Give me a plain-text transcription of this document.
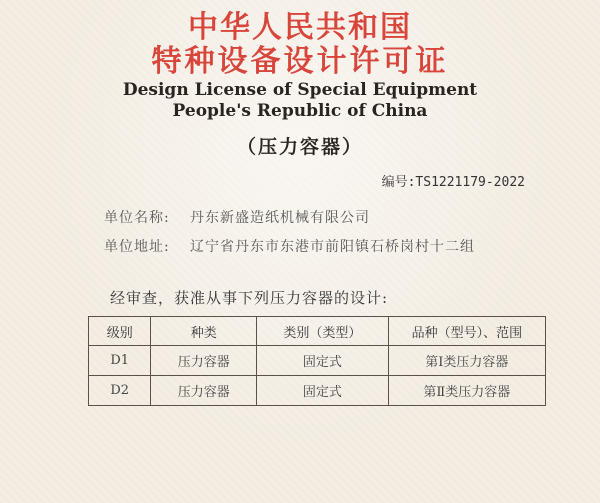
中华人民共和国
特种设备设计许可证
Design License of Special Equipment
People's Republic of China
（压力容器）
编号:TS1221179-2022
单位名称: 丹东新盛造纸机械有限公司
单位地址: 辽宁省丹东市东港市前阳镇石桥岗村十二组
经审查，获准从事下列压力容器的设计:
级别	种类	类别（类型）	品种（型号）、范围
D1	压力容器	固定式	第Ⅰ类压力容器
D2	压力容器	固定式	第Ⅱ类压力容器
